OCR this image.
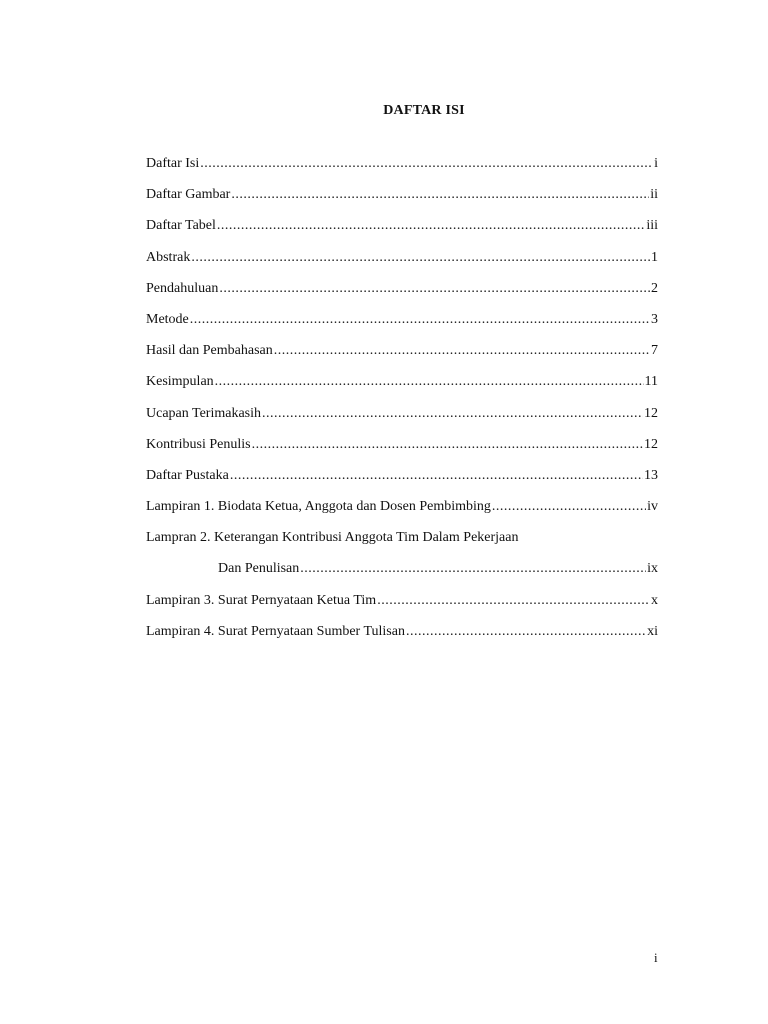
DAFTAR ISI
Daftar Isi .....	i
Daftar Gambar .....	ii
Daftar Tabel .....	iii
Abstrak .....	1
Pendahuluan .....	2
Metode .....	3
Hasil dan Pembahasan .....	7
Kesimpulan .....	11
Ucapan Terimakasih .....	12
Kontribusi Penulis .....	12
Daftar Pustaka .....	13
Lampiran 1. Biodata Ketua, Anggota dan Dosen Pembimbing .....	iv
Lampran 2. Keterangan Kontribusi Anggota Tim Dalam Pekerjaan
Dan Penulisan .....	ix
Lampiran 3. Surat Pernyataan Ketua Tim .....	x
Lampiran 4. Surat Pernyataan Sumber Tulisan .....	xi
i
